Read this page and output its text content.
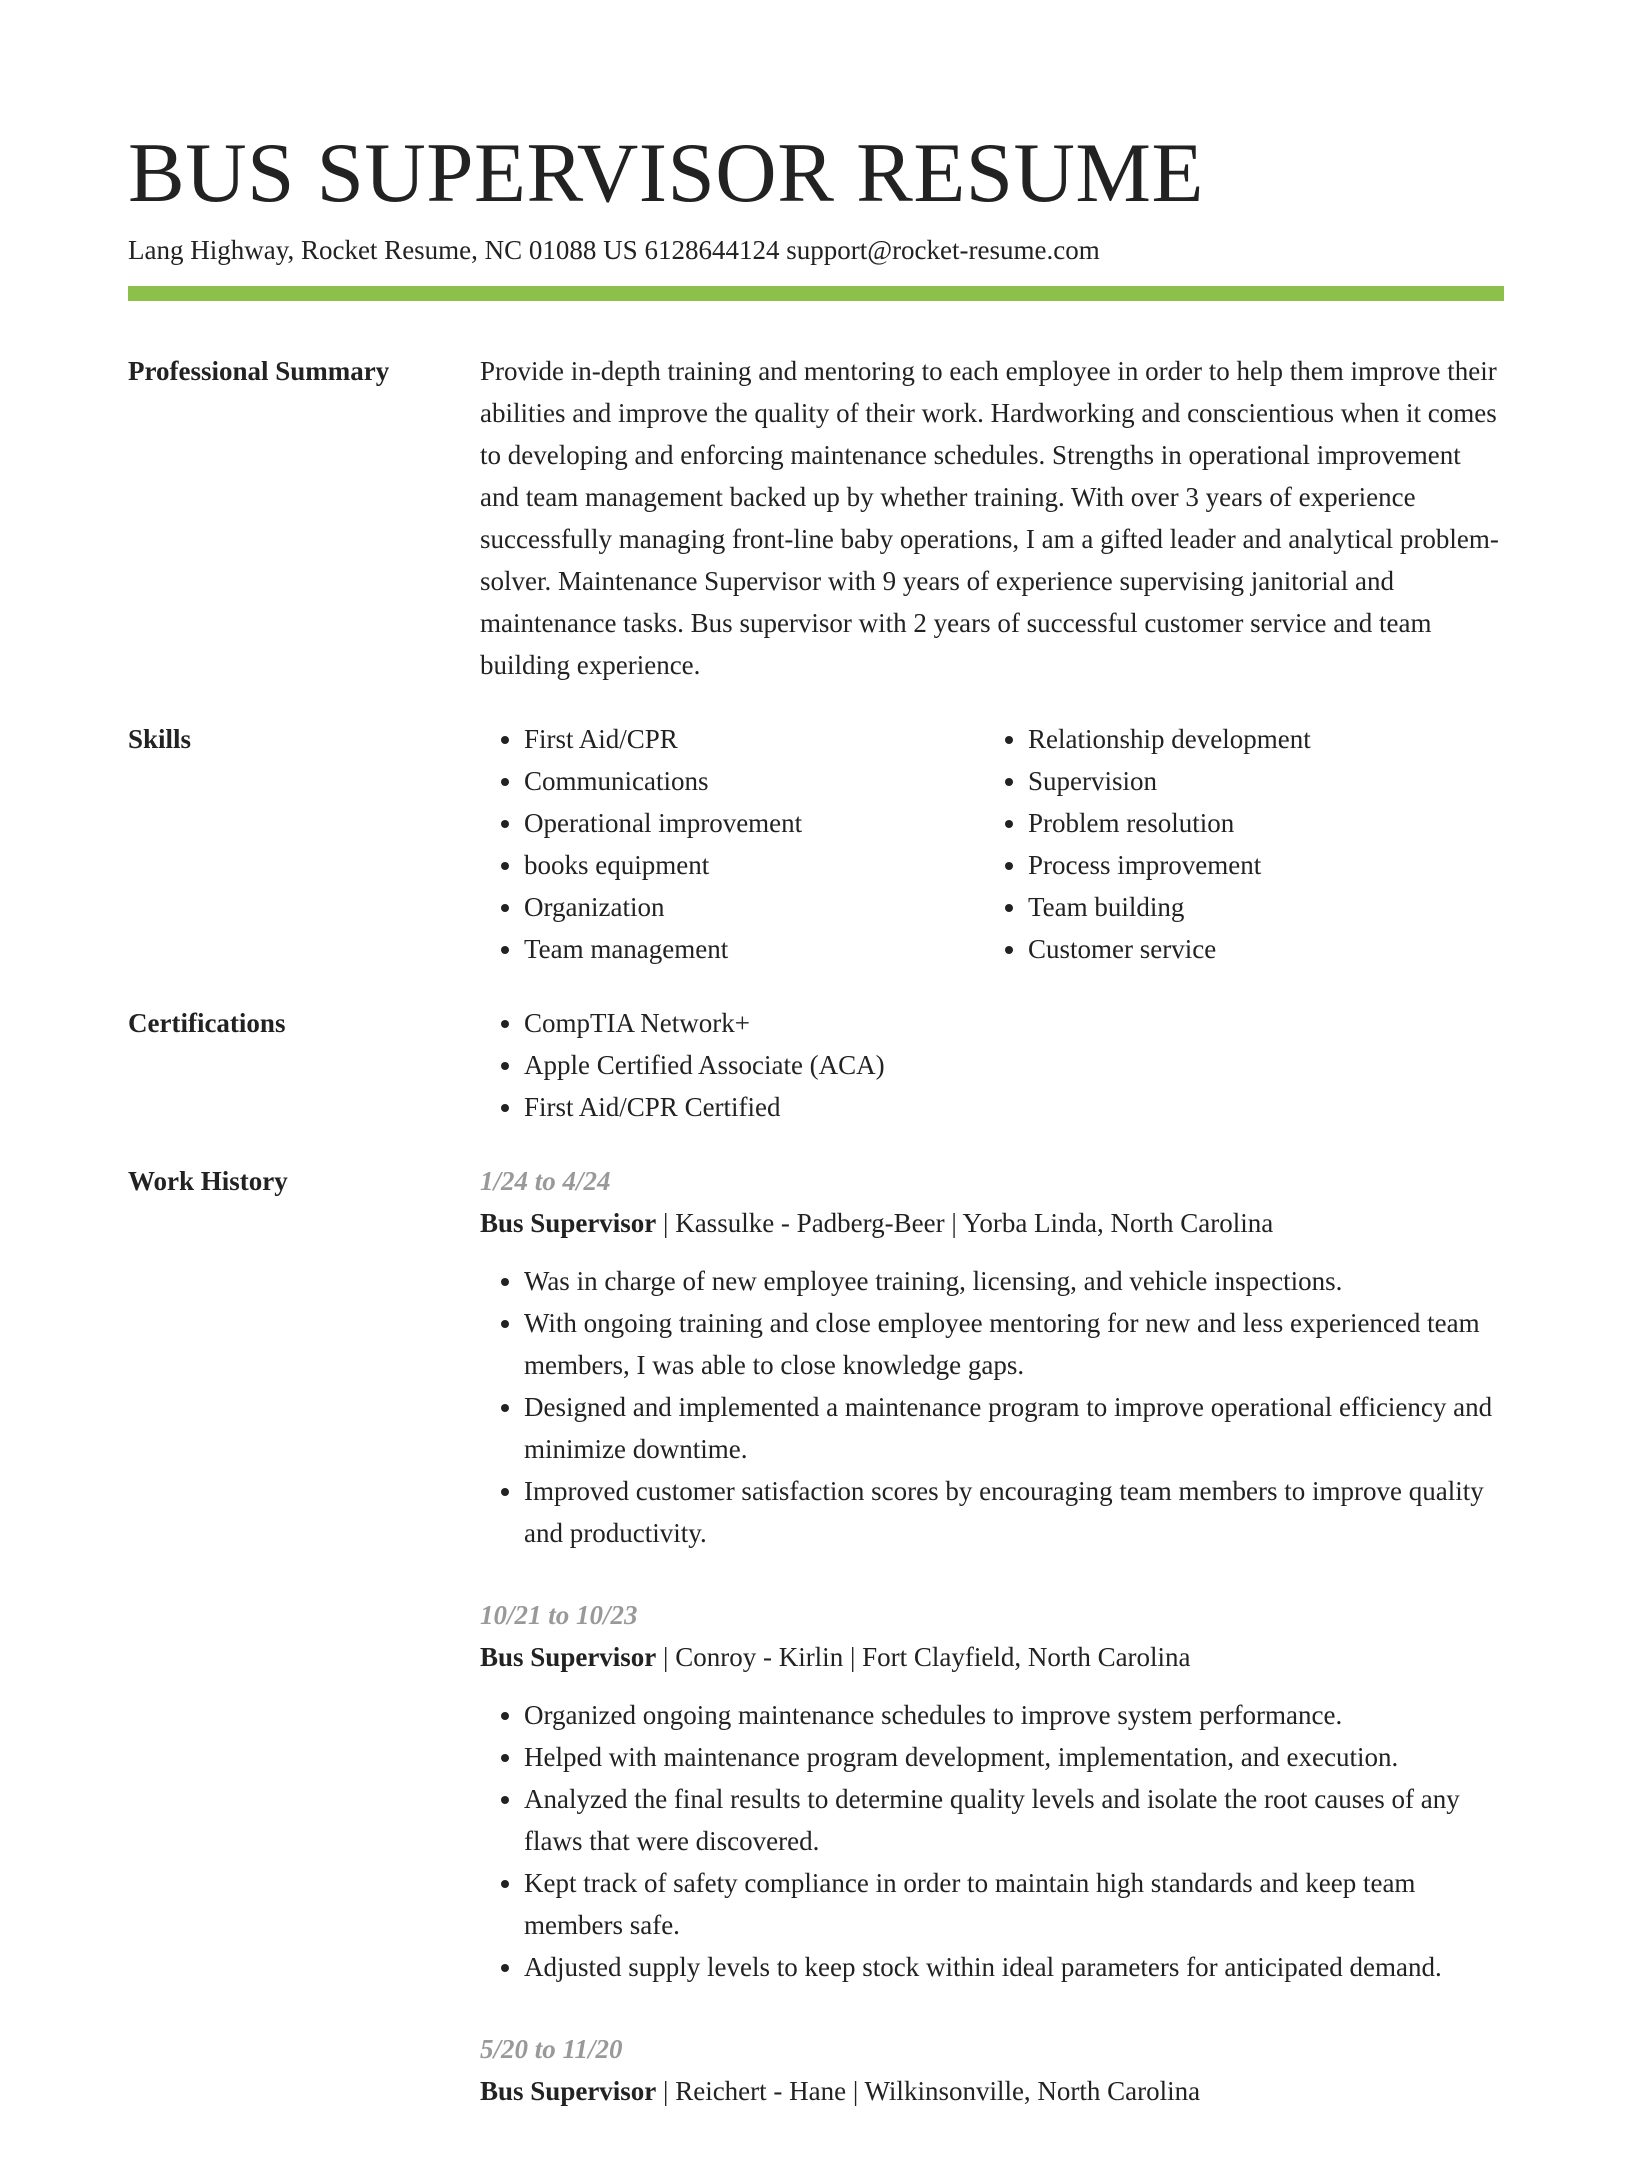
BUS SUPERVISOR RESUME
Lang Highway, Rocket Resume, NC 01088 US 6128644124 support@rocket-resume.com
Professional Summary	Provide in-depth training and mentoring to each employee in order to help them improve their abilities and improve the quality of their work. Hardworking and conscientious when it comes to developing and enforcing maintenance schedules. Strengths in operational improvement and team management backed up by whether training. With over 3 years of experience successfully managing front-line baby operations, I am a gifted leader and analytical problem-solver. Maintenance Supervisor with 9 years of experience supervising janitorial and maintenance tasks. Bus supervisor with 2 years of successful customer service and team building experience.

Skills	• First Aid/CPR
• Communications
• Operational improvement
• books equipment
• Organization
• Team management
• Relationship development
• Supervision
• Problem resolution
• Process improvement
• Team building
• Customer service
Certifications	• CompTIA Network+
• Apple Certified Associate (ACA)
• First Aid/CPR Certified
Work History	1/24 to 4/24
Bus Supervisor | Kassulke - Padberg-Beer | Yorba Linda, North Carolina
• Was in charge of new employee training, licensing, and vehicle inspections.
• With ongoing training and close employee mentoring for new and less experienced team members, I was able to close knowledge gaps.
• Designed and implemented a maintenance program to improve operational efficiency and minimize downtime.
• Improved customer satisfaction scores by encouraging team members to improve quality and productivity.
10/21 to 10/23
Bus Supervisor | Conroy - Kirlin | Fort Clayfield, North Carolina
• Organized ongoing maintenance schedules to improve system performance.
• Helped with maintenance program development, implementation, and execution.
• Analyzed the final results to determine quality levels and isolate the root causes of any flaws that were discovered.
• Kept track of safety compliance in order to maintain high standards and keep team members safe.
• Adjusted supply levels to keep stock within ideal parameters for anticipated demand.
5/20 to 11/20
Bus Supervisor | Reichert - Hane | Wilkinsonville, North Carolina
